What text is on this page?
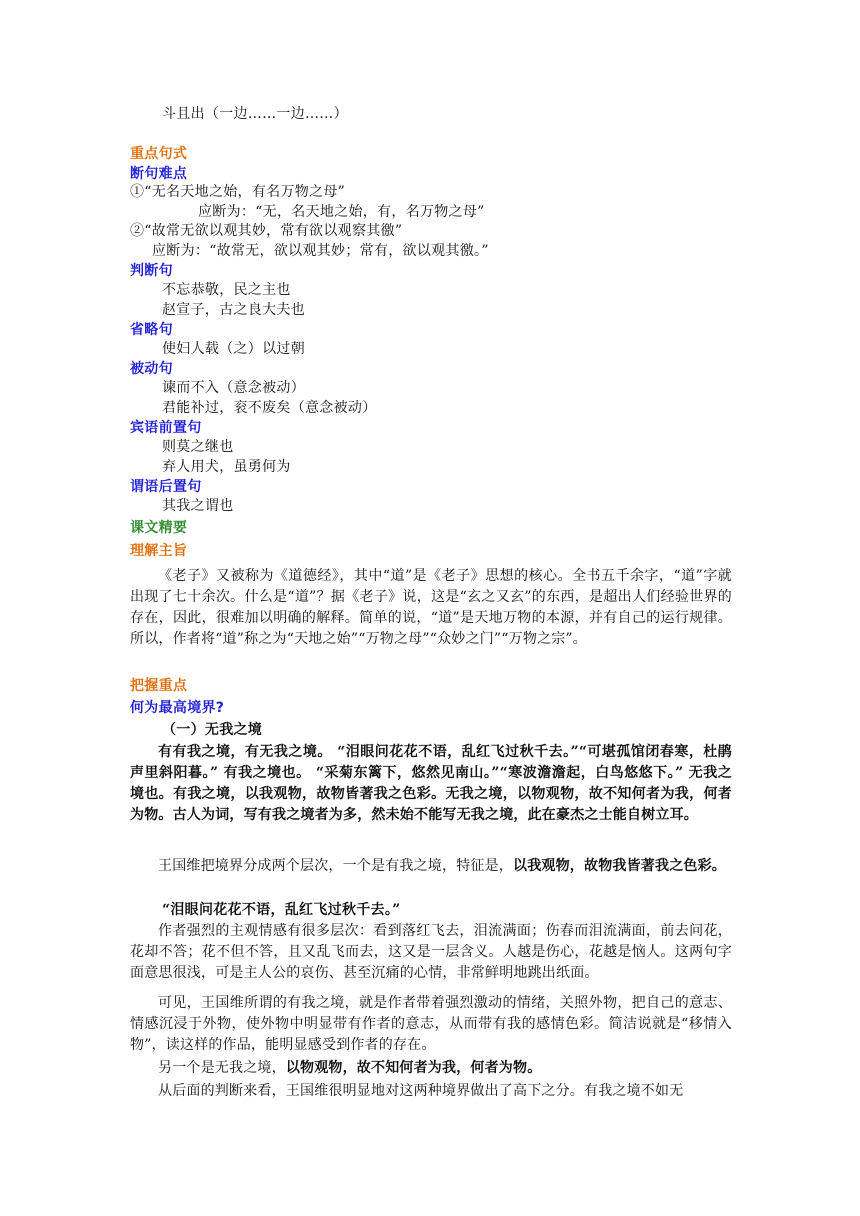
斗且出（一边……一边……）
重点句式
断句难点
①“无名天地之始，有名万物之母”
应断为：“无，名天地之始，有，名万物之母”
②“故常无欲以观其妙，常有欲以观察其徼”
应断为：“故常无，欲以观其妙；常有，欲以观其徼。”
判断句
不忘恭敬，民之主也
赵宣子，古之良大夫也
省略句
使妇人载（之）以过朝
被动句
谏而不入（意念被动）
君能补过，衮不废矣（意念被动）
宾语前置句
则莫之继也
弃人用犬，虽勇何为
谓语后置句
其我之谓也
课文精要
理解主旨

《老子》又被称为《道德经》，其中“道”是《老子》思想的核心。全书五千余字，“道”字就出现了七十余次。什么是“道”？据《老子》说，这是“玄之又玄”的东西，是超出人们经验世界的存在，因此，很难加以明确的解释。简单的说，“道”是天地万物的本源，并有自己的运行规律。所以，作者将“道”称之为“天地之始”“万物之母”“众妙之门”“万物之宗”。

把握重点
何为最高境界?
（一）无我之境

有有我之境，有无我之境。 “泪眼问花花不语，乱红飞过秋千去。”“可堪孤馆闭春寒，杜鹃声里斜阳暮。” 有我之境也。 “采菊东篱下，悠然见南山。”“寒波澹澹起，白鸟悠悠下。” 无我之境也。有我之境，以我观物，故物皆著我之色彩。无我之境，以物观物，故不知何者为我，何者为物。古人为词，写有我之境者为多，然未始不能写无我之境，此在豪杰之士能自树立耳。

王国维把境界分成两个层次，一个是有我之境，特征是，以我观物，故物我皆著我之色彩。

“泪眼问花花不语，乱红飞过秋千去。”

作者强烈的主观情感有很多层次：看到落红飞去，泪流满面；伤春而泪流满面，前去问花，花却不答；花不但不答，且又乱飞而去，这又是一层含义。人越是伤心，花越是恼人。这两句字面意思很浅，可是主人公的哀伤、甚至沉痛的心情，非常鲜明地跳出纸面。

可见，王国维所谓的有我之境，就是作者带着强烈激动的情绪，关照外物，把自己的意志、情感沉浸于外物，使外物中明显带有作者的意志，从而带有我的感情色彩。简洁说就是“移情入物”，读这样的作品，能明显感受到作者的存在。

另一个是无我之境，以物观物，故不知何者为我，何者为物。

从后面的判断来看，王国维很明显地对这两种境界做出了高下之分。有我之境不如无
